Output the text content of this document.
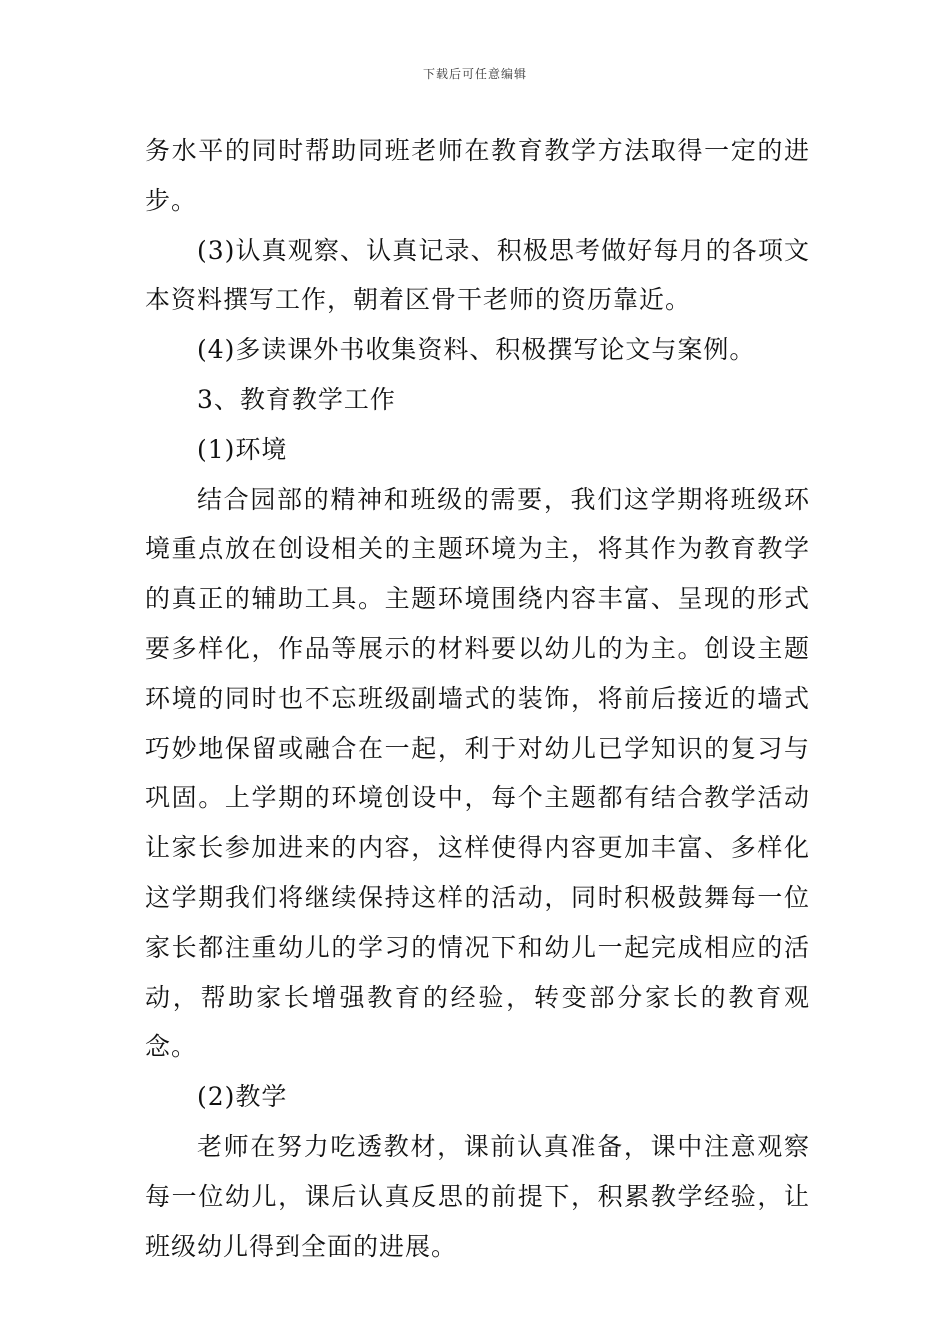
下载后可任意编辑

务水平的同时帮助同班老师在教育教学方法取得一定的进步。

(3)认真观察、认真记录、积极思考做好每月的各项文本资料撰写工作，朝着区骨干老师的资历靠近。

(4)多读课外书收集资料、积极撰写论文与案例。

3、教育教学工作

(1)环境

结合园部的精神和班级的需要，我们这学期将班级环境重点放在创设相关的主题环境为主，将其作为教育教学的真正的辅助工具。主题环境围绕内容丰富、呈现的形式要多样化，作品等展示的材料要以幼儿的为主。创设主题环境的同时也不忘班级副墙式的装饰，将前后接近的墙式巧妙地保留或融合在一起，利于对幼儿已学知识的复习与巩固。上学期的环境创设中，每个主题都有结合教学活动让家长参加进来的内容，这样使得内容更加丰富、多样化这学期我们将继续保持这样的活动，同时积极鼓舞每一位家长都注重幼儿的学习的情况下和幼儿一起完成相应的活动，帮助家长增强教育的经验，转变部分家长的教育观念。

(2)教学

老师在努力吃透教材，课前认真准备，课中注意观察每一位幼儿，课后认真反思的前提下，积累教学经验，让班级幼儿得到全面的进展。
